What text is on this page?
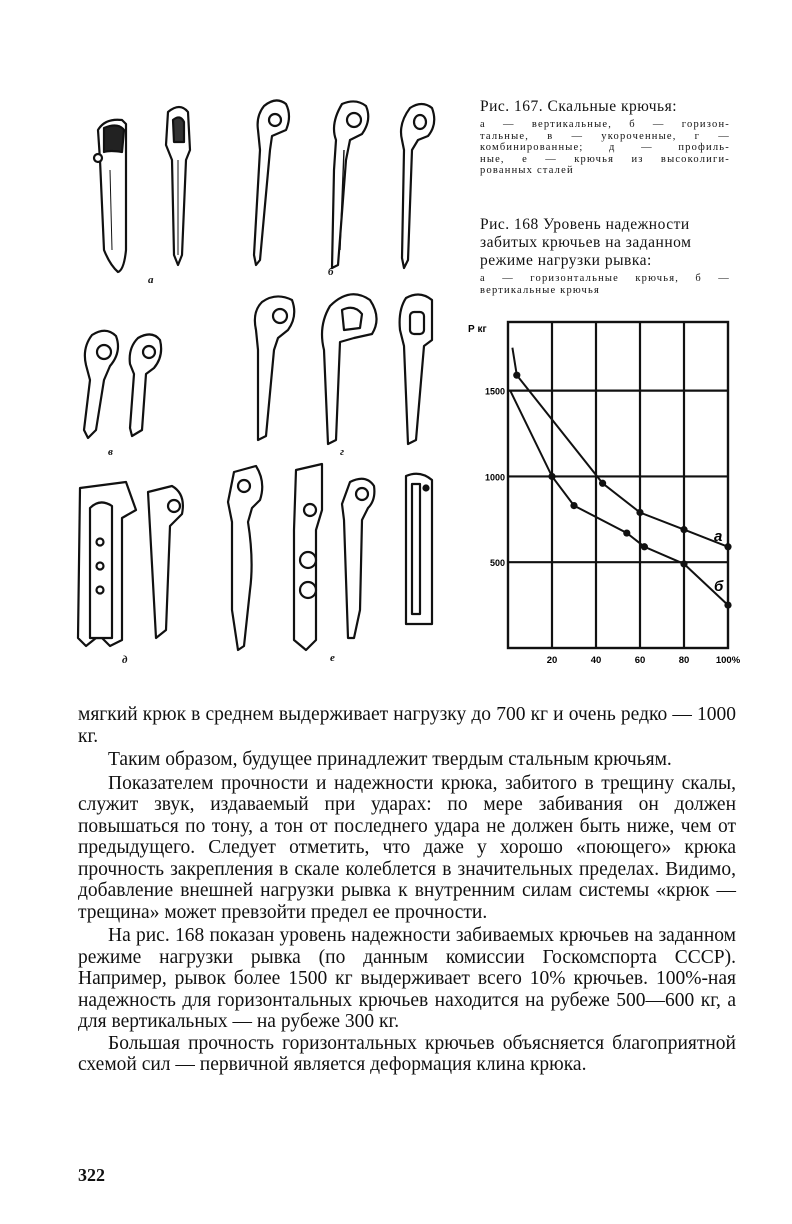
а
б
в	г
д	е
Рис. 167. Скальные крючья:
а — вертикальные, б — горизон-
тальные, в — укороченные, г —
комбинированные; д — профиль-
ные, е — крючья из высоколиги-
рованных сталей
Рис. 168 Уровень надежности
забитых крючьев на заданном
режиме нагрузки рывка:
а — горизонтальные крючья, б —
вертикальные крючья
20	40	60	80	100%
1500
1000
500
Р кг
а
б

мягкий крюк в среднем выдерживает нагрузку до 700 кг и очень редко — 1000 кг.

Таким образом, будущее принадлежит твердым стальным крючьям.

Показателем прочности и надежности крюка, забитого в трещину скалы, служит звук, издаваемый при ударах: по мере забивания он должен повышаться по тону, а тон от последнего удара не должен быть ниже, чем от предыдущего. Следует отметить, что даже у хорошо «поющего» крюка прочность закрепления в скале колеблется в значительных пределах. Видимо, добавление внешней нагрузки рывка к внутренним силам системы «крюк — трещина» может превзойти предел ее прочности.

На рис. 168 показан уровень надежности забиваемых крючьев на заданном режиме нагрузки рывка (по данным комиссии Госкомспорта СССР). Например, рывок более 1500 кг выдерживает всего 10% крючьев. 100%-ная надежность для горизонтальных крючьев находится на рубеже 500—600 кг, а для вертикальных — на рубеже 300 кг.

Большая прочность горизонтальных крючьев объясняется благоприятной схемой сил — первичной является деформация клина крюка.

322
